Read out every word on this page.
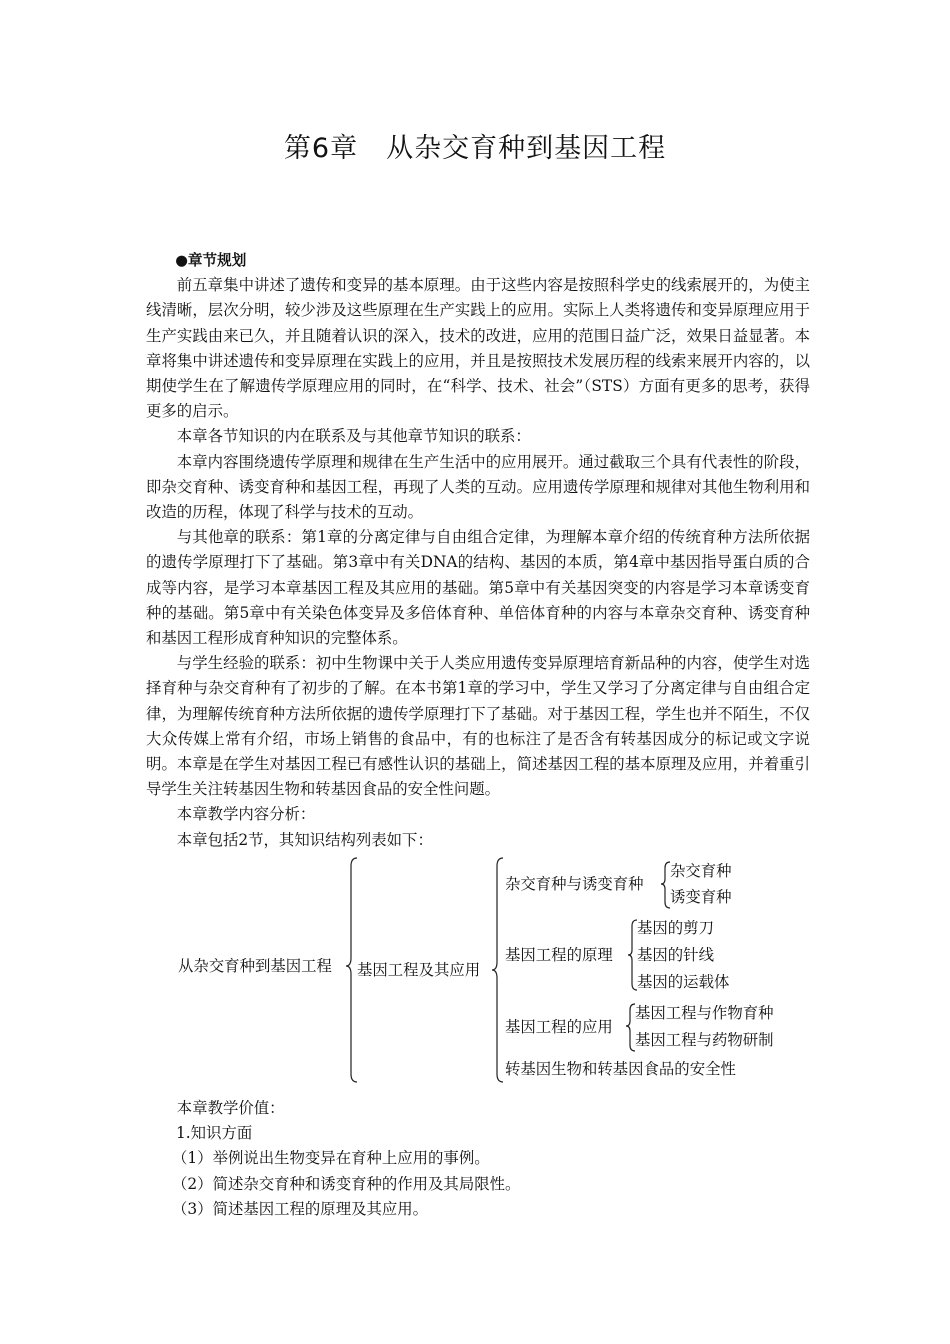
第6章　从杂交育种到基因工程

●章节规划

前五章集中讲述了遗传和变异的基本原理。由于这些内容是按照科学史的线索展开的，为使主线清晰，层次分明，较少涉及这些原理在生产实践上的应用。实际上人类将遗传和变异原理应用于生产实践由来已久，并且随着认识的深入，技术的改进，应用的范围日益广泛，效果日益显著。本章将集中讲述遗传和变异原理在实践上的应用，并且是按照技术发展历程的线索来展开内容的，以期使学生在了解遗传学原理应用的同时，在“科学、技术、社会”（STS）方面有更多的思考，获得更多的启示。

本章各节知识的内在联系及与其他章节知识的联系：

本章内容围绕遗传学原理和规律在生产生活中的应用展开。通过截取三个具有代表性的阶段，即杂交育种、诱变育种和基因工程，再现了人类的互动。应用遗传学原理和规律对其他生物利用和改造的历程，体现了科学与技术的互动。

与其他章的联系：第1章的分离定律与自由组合定律，为理解本章介绍的传统育种方法所依据的遗传学原理打下了基础。第3章中有关DNA的结构、基因的本质，第4章中基因指导蛋白质的合成等内容，是学习本章基因工程及其应用的基础。第5章中有关基因突变的内容是学习本章诱变育种的基础。第5章中有关染色体变异及多倍体育种、单倍体育种的内容与本章杂交育种、诱变育种和基因工程形成育种知识的完整体系。

与学生经验的联系：初中生物课中关于人类应用遗传变异原理培育新品种的内容，使学生对选择育种与杂交育种有了初步的了解。在本书第1章的学习中，学生又学习了分离定律与自由组合定律，为理解传统育种方法所依据的遗传学原理打下了基础。对于基因工程，学生也并不陌生，不仅大众传媒上常有介绍，市场上销售的食品中，有的也标注了是否含有转基因成分的标记或文字说明。本章是在学生对基因工程已有感性认识的基础上，简述基因工程的基本原理及应用，并着重引导学生关注转基因生物和转基因食品的安全性问题。

本章教学内容分析：

本章包括2节，其知识结构列表如下：

从杂交育种到基因工程 基因工程及其应用
杂交育种与诱变育种
杂交育种
诱变育种
基因工程的原理
基因的剪刀
基因的针线
基因的运载体
基因工程的应用
基因工程与作物育种
基因工程与药物研制
转基因生物和转基因食品的安全性

本章教学价值：

1.知识方面

（1）举例说出生物变异在育种上应用的事例。

（2）简述杂交育种和诱变育种的作用及其局限性。

（3）简述基因工程的原理及其应用。
